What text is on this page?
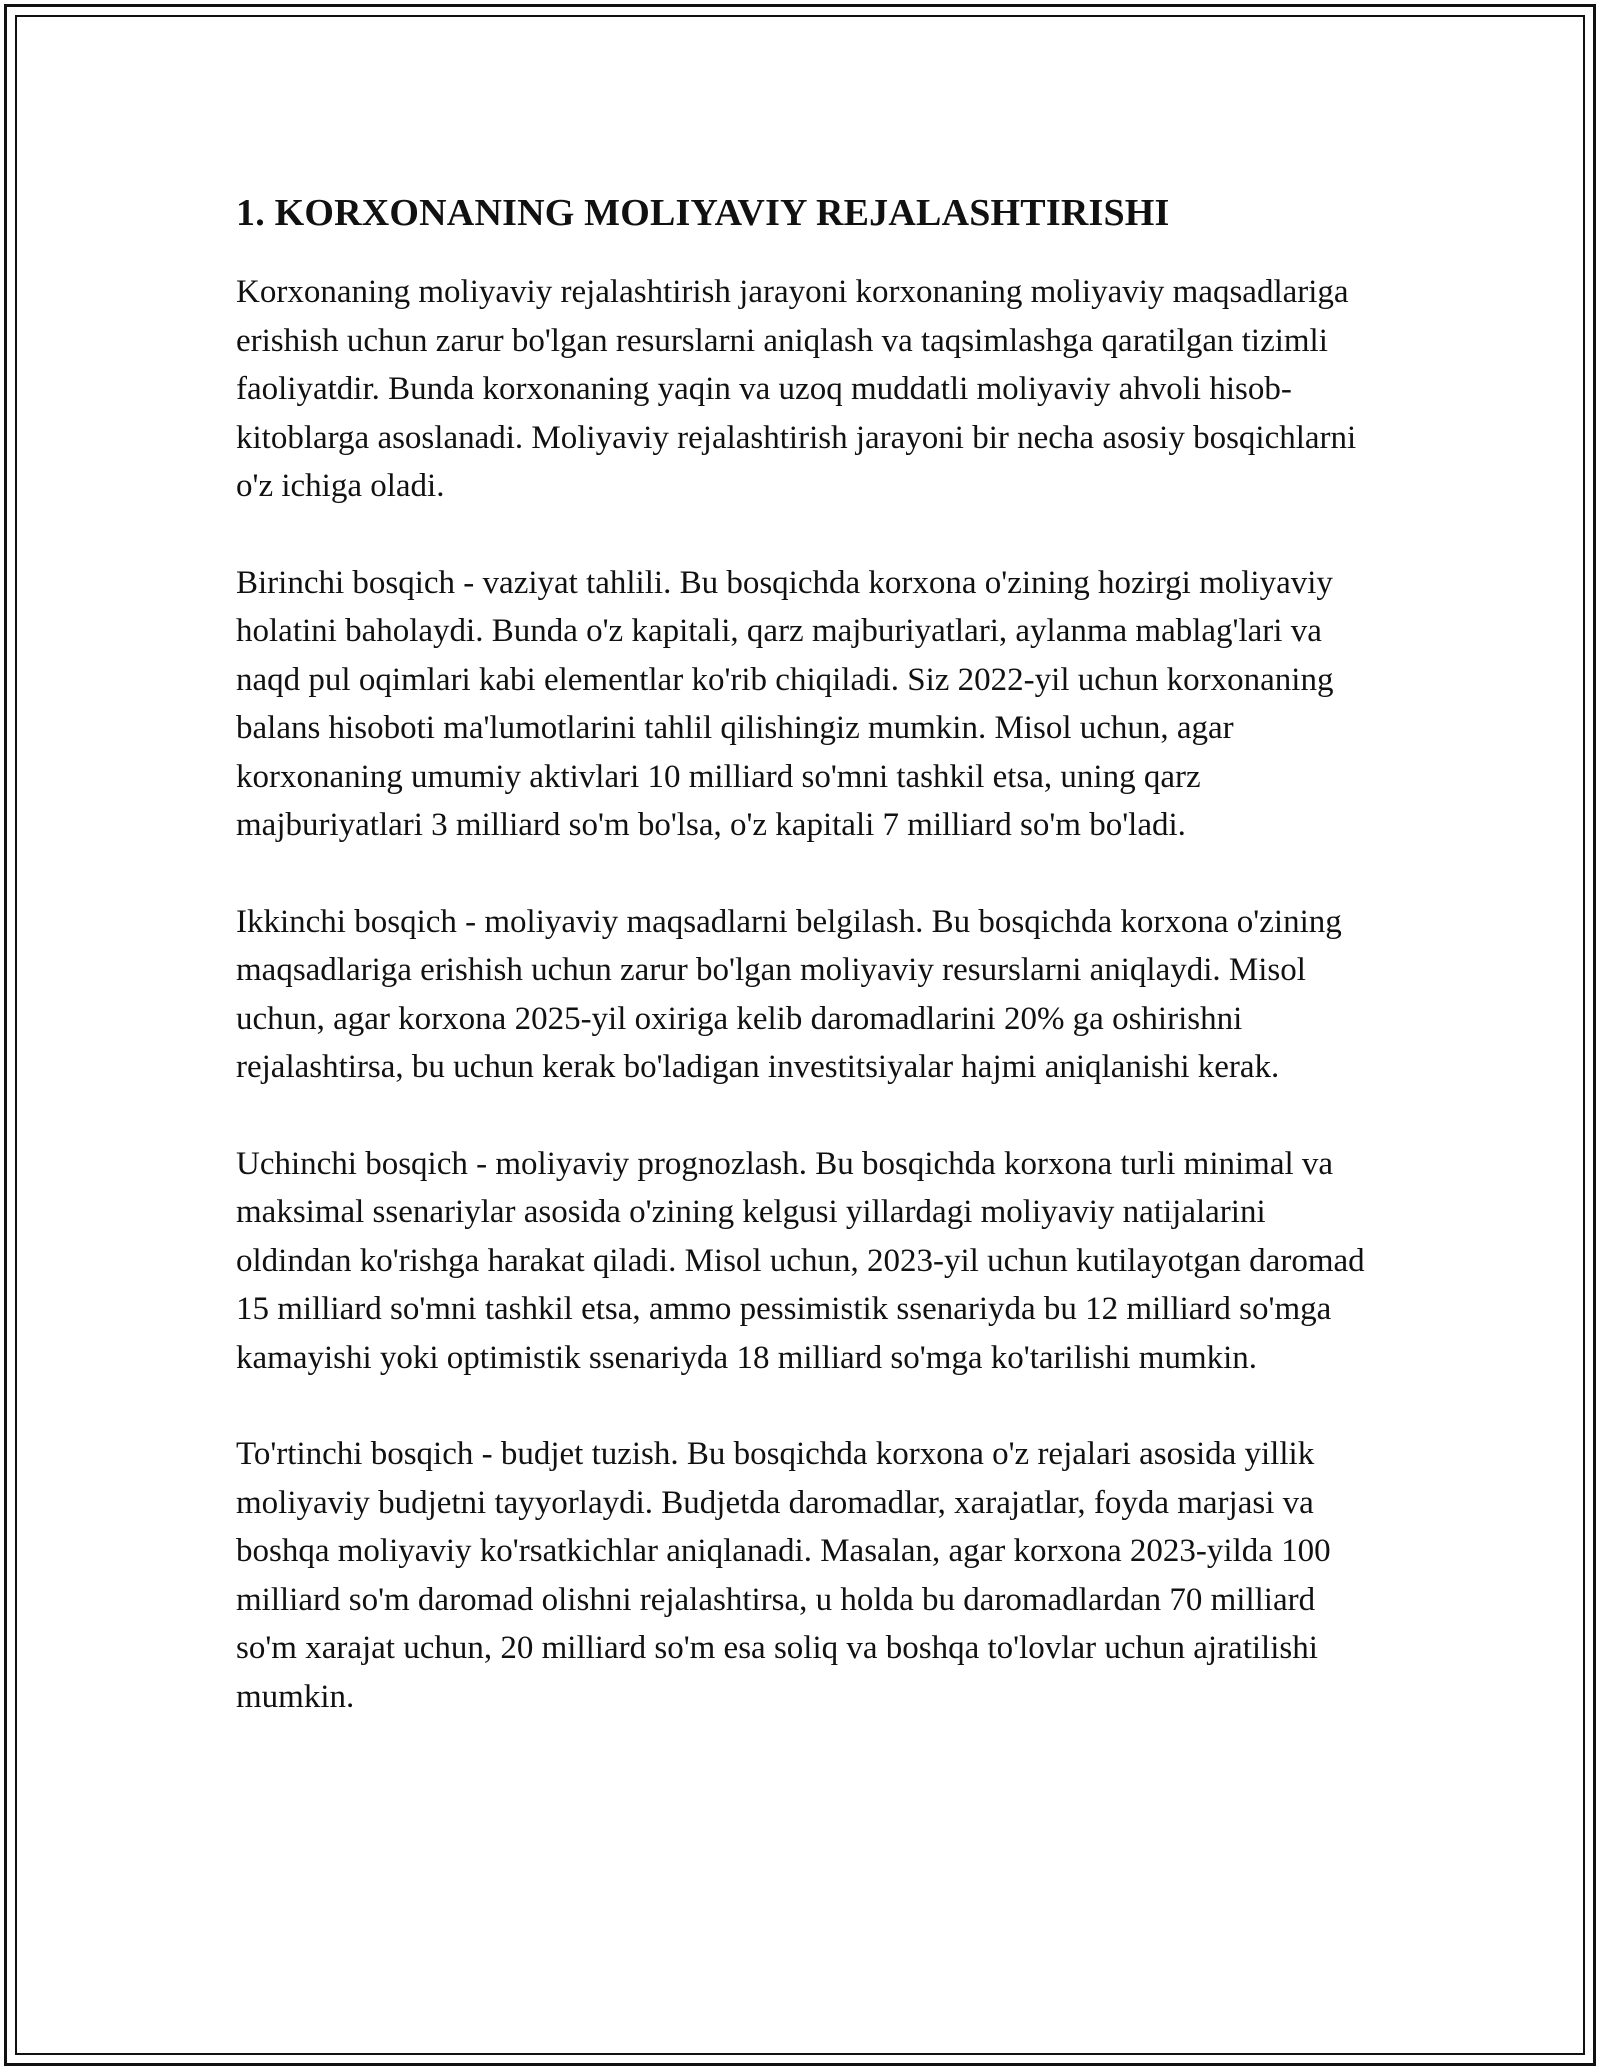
1. KORXONANING MOLIYAVIY REJALASHTIRISHI

Korxonaning moliyaviy rejalashtirish jarayoni korxonaning moliyaviy maqsadlariga erishish uchun zarur bo'lgan resurslarni aniqlash va taqsimlashga qaratilgan tizimli faoliyatdir. Bunda korxonaning yaqin va uzoq muddatli moliyaviy ahvoli hisob-kitoblarga asoslanadi. Moliyaviy rejalashtirish jarayoni bir necha asosiy bosqichlarni o'z ichiga oladi.

Birinchi bosqich - vaziyat tahlili. Bu bosqichda korxona o'zining hozirgi moliyaviy holatini baholaydi. Bunda o'z kapitali, qarz majburiyatlari, aylanma mablag'lari va naqd pul oqimlari kabi elementlar ko'rib chiqiladi. Siz 2022-yil uchun korxonaning balans hisoboti ma'lumotlarini tahlil qilishingiz mumkin. Misol uchun, agar korxonaning umumiy aktivlari 10 milliard so'mni tashkil etsa, uning qarz majburiyatlari 3 milliard so'm bo'lsa, o'z kapitali 7 milliard so'm bo'ladi.

Ikkinchi bosqich - moliyaviy maqsadlarni belgilash. Bu bosqichda korxona o'zining maqsadlariga erishish uchun zarur bo'lgan moliyaviy resurslarni aniqlaydi. Misol uchun, agar korxona 2025-yil oxiriga kelib daromadlarini 20% ga oshirishni rejalashtirsa, bu uchun kerak bo'ladigan investitsiyalar hajmi aniqlanishi kerak.

Uchinchi bosqich - moliyaviy prognozlash. Bu bosqichda korxona turli minimal va maksimal ssenariylar asosida o'zining kelgusi yillardagi moliyaviy natijalarini oldindan ko'rishga harakat qiladi. Misol uchun, 2023-yil uchun kutilayotgan daromad 15 milliard so'mni tashkil etsa, ammo pessimistik ssenariyda bu 12 milliard so'mga kamayishi yoki optimistik ssenariyda 18 milliard so'mga ko'tarilishi mumkin.

To'rtinchi bosqich - budjet tuzish. Bu bosqichda korxona o'z rejalari asosida yillik moliyaviy budjetni tayyorlaydi. Budjetda daromadlar, xarajatlar, foyda marjasi va boshqa moliyaviy ko'rsatkichlar aniqlanadi. Masalan, agar korxona 2023-yilda 100 milliard so'm daromad olishni rejalashtirsa, u holda bu daromadlardan 70 milliard so'm xarajat uchun, 20 milliard so'm esa soliq va boshqa to'lovlar uchun ajratilishi mumkin.
